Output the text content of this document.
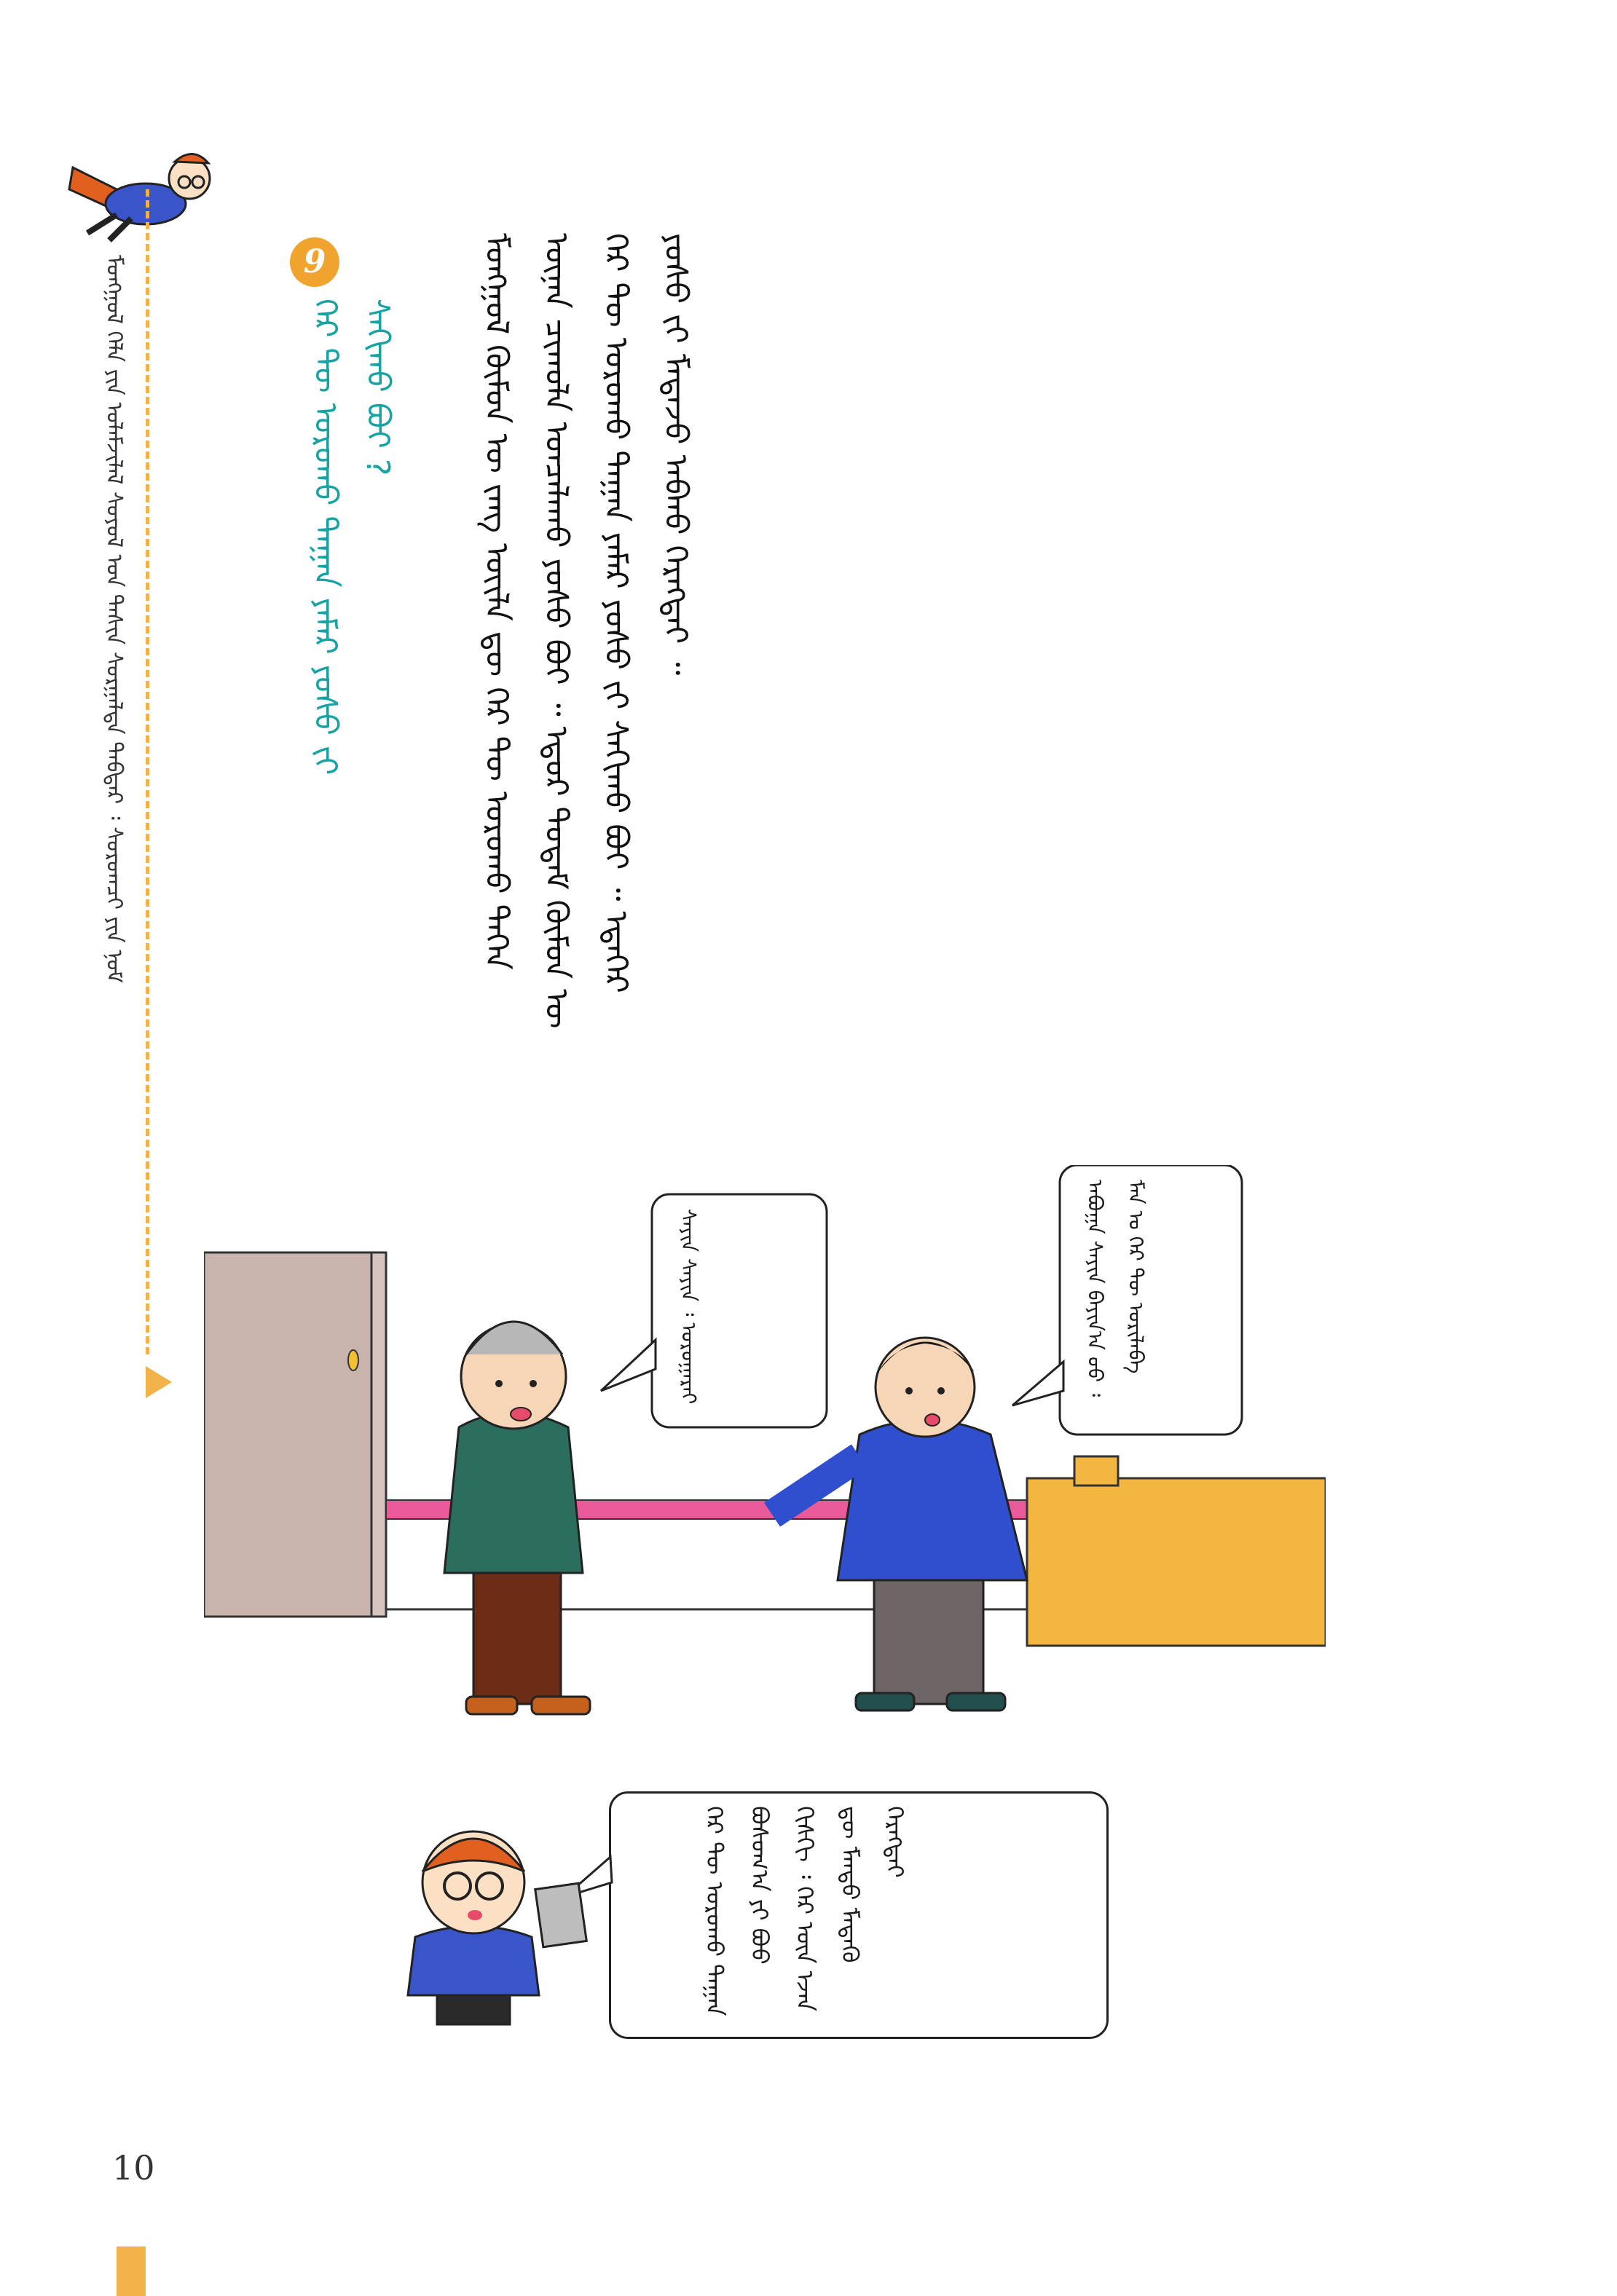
ᠮᠣᠩᠭᠣᠯ ᠬᠡᠯᠡ ᠶᠢᠨ ᠤᠯᠠᠮᠵᠢᠯᠠᠯ ᠰᠣᠶᠣᠯ ᠤᠨ ᠲᠡᠰᠢᠨ ᠰᠤᠷᠭᠠᠯᠲᠠ ᠳᠡᠪᠲᠡᠷ ᠄ ᠰᠤᠷᠤᠭᠴᠢ ᠶᠢᠨ ᠨᠣᠮ	ᠮᠣᠩᠭᠣᠯ ᠬᠦᠮᠦᠨ ᠦ ᠵᠠᠩ ᠦᠢᠯᠡ ᠳᠦ ᠭᠡᠷ ᠲᠦ ᠣᠷᠣᠬᠤ ᠳᠡᠭᠡᠨ ᠦᠨᠡᠨ ᠴᠢᠬᠤᠯᠠ ᠣᠨᠴᠠᠯᠠᠬᠤ ᠶᠣᠰᠣ ᠪᠣᠢ ᠃ ᠡᠳᠦᠷ ᠲᠤᠲᠠᠮ ᠬᠦᠮᠦᠨ ᠦ ᠭᠡᠷ ᠲᠦ ᠣᠷᠣᠬᠤ ᠳᠠᠭᠠᠨ ᠶᠠᠮᠠᠷ ᠶᠣᠰᠣ ᠵᠢ ᠰᠠᠬᠢᠬᠤ ᠪᠣᠢ ᠃ ᠡᠳᠡᠭᠡᠷ ᠶᠣᠰᠣ ᠵᠢ ᠮᠡᠳᠡᠵᠦ ᠠᠪᠬᠤ ᠬᠡᠷᠡᠭᠲᠡᠢ ᠃
9
ᠭᠡᠷ ᠲᠦ ᠣᠷᠣᠬᠤ ᠳᠠᠭᠠᠨ ᠶᠠᠮᠠᠷ ᠶᠣᠰᠣ ᠵᠢ ᠰᠠᠬᠢᠬᠤ ᠪᠣᠢ ?
ᠰᠠᠶᠢᠨ ᠰᠠᠶᠢᠨ ᠄ ᠤᠷᠤᠭᠠᠷᠠᠢ	ᠠᠪᠤᠭᠠ ᠰᠠᠶᠢᠨ ᠪᠠᠶᠢᠨ᠎ᠠ ᠤᠤ ᠄ ᠮᠠᠨ ᠤ ᠭᠡᠷ ᠲᠦ ᠤᠷᠢᠯᠠᠪᠠ
ᠭᠡᠷ ᠲᠦ ᠣᠷᠣᠬᠤ ᠳᠠᠭᠠᠨ ᠪᠣᠰᠣᠭ᠎ᠠ ᠶᠢ ᠪᠦᠦ ᠭᠢᠰᠭᠢ ᠄ ᠭᠡᠷ ᠦᠨ ᠡᠵᠡᠨ ᠳᠦ ᠮᠡᠨᠳᠦ ᠮᠡᠳᠡᠬᠦ ᠬᠡᠷᠡᠭᠲᠡᠢ
10
